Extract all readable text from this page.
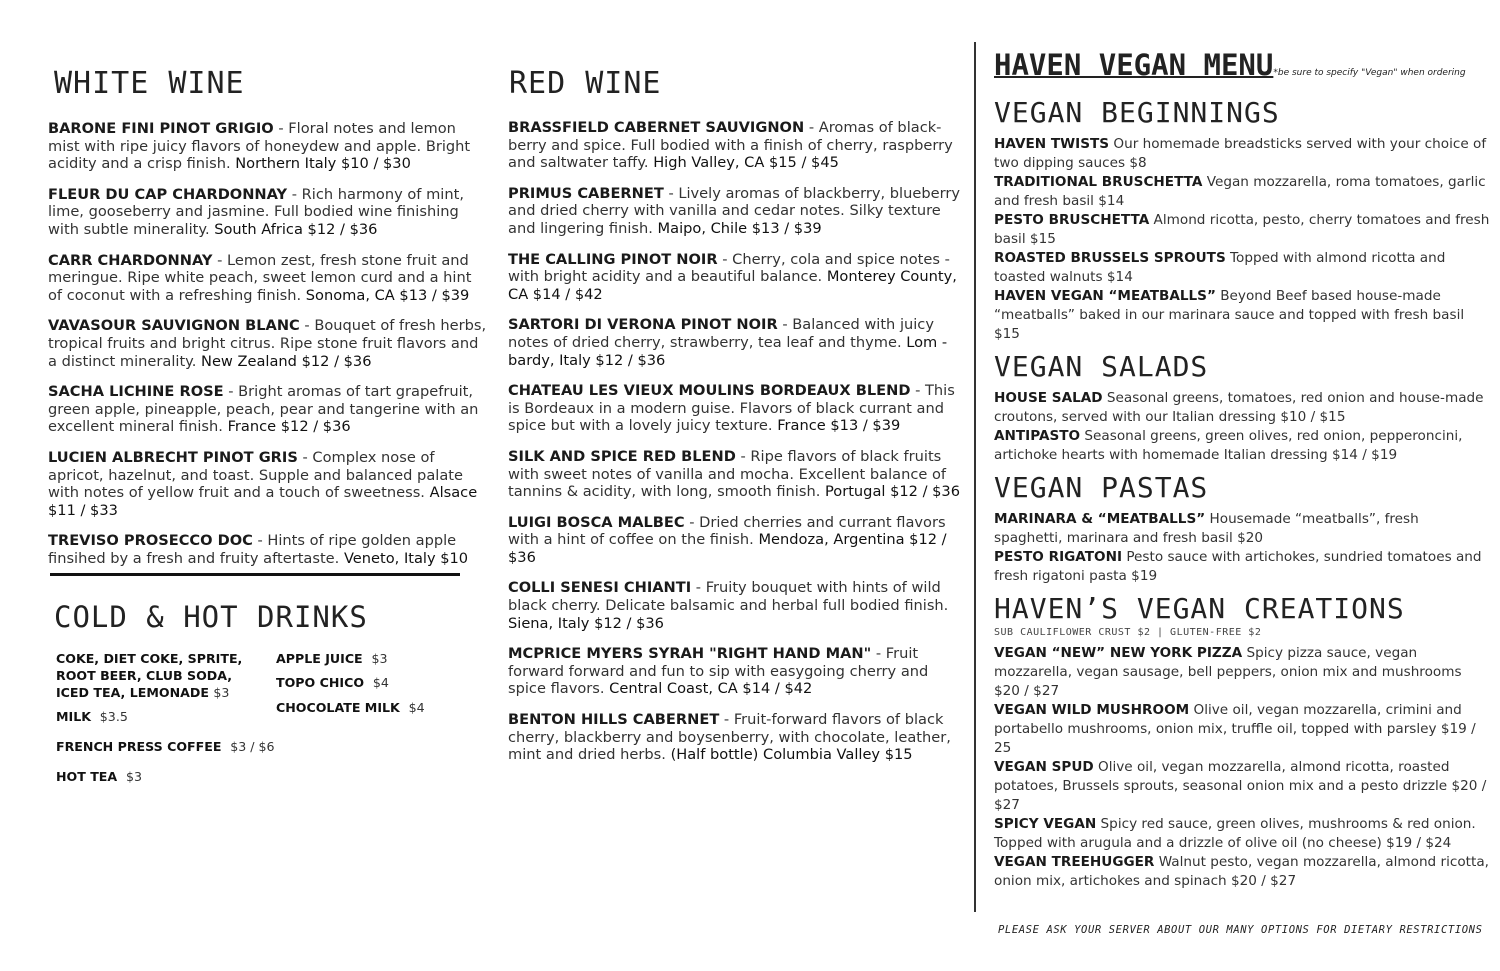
WHITE WINE

BARONE FINI PINOT GRIGIO - Floral notes and lemon mist with ripe juicy flavors of honeydew and apple. Bright acidity and a crisp finish. Northern Italy $10 / $30

FLEUR DU CAP CHARDONNAY - Rich harmony of mint, lime, gooseberry and jasmine. Full bodied wine finishing with subtle minerality. South Africa $12 / $36

CARR CHARDONNAY - Lemon zest, fresh stone fruit and meringue. Ripe white peach, sweet lemon curd and a hint of coconut with a refreshing finish. Sonoma, CA $13 / $39

VAVASOUR SAUVIGNON BLANC - Bouquet of fresh herbs, tropical fruits and bright citrus. Ripe stone fruit flavors and a distinct minerality. New Zealand $12 / $36

SACHA LICHINE ROSE - Bright aromas of tart grapefruit, green apple, pineapple, peach, pear and tangerine with an excellent mineral finish. France $12 / $36

LUCIEN ALBRECHT PINOT GRIS - Complex nose of apricot, hazelnut, and toast. Supple and balanced palate with notes of yellow fruit and a touch of sweetness. Alsace $11 / $33

TREVISO PROSECCO DOC - Hints of ripe golden apple finsihed by a fresh and fruity aftertaste. Veneto, Italy $10

COLD & HOT DRINKS
COKE, DIET COKE, SPRITE, ROOT BEER, CLUB SODA, ICED TEA, LEMONADE $3
MILK $3.5
FRENCH PRESS COFFEE $3 / $6
HOT TEA $3
APPLE JUICE $3
TOPO CHICO $4
CHOCOLATE MILK $4
RED WINE

BRASSFIELD CABERNET SAUVIGNON - Aromas of black-berry and spice. Full bodied with a finish of cherry, raspberry and saltwater taffy. High Valley, CA $15 / $45

PRIMUS CABERNET - Lively aromas of blackberry, blueberry and dried cherry with vanilla and cedar notes. Silky texture and lingering finish. Maipo, Chile $13 / $39

THE CALLING PINOT NOIR - Cherry, cola and spice notes - with bright acidity and a beautiful balance. Monterey County, CA $14 / $42

SARTORI DI VERONA PINOT NOIR - Balanced with juicy notes of dried cherry, strawberry, tea leaf and thyme. Lom -bardy, Italy $12 / $36

CHATEAU LES VIEUX MOULINS BORDEAUX BLEND - This is Bordeaux in a modern guise. Flavors of black currant and spice but with a lovely juicy texture. France $13 / $39

SILK AND SPICE RED BLEND - Ripe flavors of black fruits with sweet notes of vanilla and mocha. Excellent balance of tannins & acidity, with long, smooth finish. Portugal $12 / $36

LUIGI BOSCA MALBEC - Dried cherries and currant flavors with a hint of coffee on the finish. Mendoza, Argentina $12 / $36

COLLI SENESI CHIANTI - Fruity bouquet with hints of wild black cherry. Delicate balsamic and herbal full bodied finish. Siena, Italy $12 / $36

MCPRICE MYERS SYRAH "RIGHT HAND MAN" - Fruit forward forward and fun to sip with easygoing cherry and spice flavors. Central Coast, CA $14 / $42

BENTON HILLS CABERNET - Fruit-forward flavors of black cherry, blackberry and boysenberry, with chocolate, leather, mint and dried herbs. (Half bottle) Columbia Valley $15

HAVEN VEGAN MENU*be sure to specify "Vegan" when ordering
VEGAN BEGINNINGS

HAVEN TWISTS Our homemade breadsticks served with your choice of two dipping sauces $8

TRADITIONAL BRUSCHETTA Vegan mozzarella, roma tomatoes, garlic and fresh basil $14

PESTO BRUSCHETTA Almond ricotta, pesto, cherry tomatoes and fresh basil $15

ROASTED BRUSSELS SPROUTS Topped with almond ricotta and toasted walnuts $14

HAVEN VEGAN “MEATBALLS” Beyond Beef based house-made “meatballs” baked in our marinara sauce and topped with fresh basil $15

VEGAN SALADS

HOUSE SALAD Seasonal greens, tomatoes, red onion and house-made croutons, served with our Italian dressing $10 / $15

ANTIPASTO Seasonal greens, green olives, red onion, pepperoncini, artichoke hearts with homemade Italian dressing $14 / $19

VEGAN PASTAS

MARINARA & “MEATBALLS” Housemade “meatballs”, fresh spaghetti, marinara and fresh basil $20

PESTO RIGATONI Pesto sauce with artichokes, sundried tomatoes and fresh rigatoni pasta $19

HAVEN’S VEGAN CREATIONS
SUB CAULIFLOWER CRUST $2 | GLUTEN-FREE $2

VEGAN “NEW” NEW YORK PIZZA Spicy pizza sauce, vegan mozzarella, vegan sausage, bell peppers, onion mix and mushrooms $20 / $27

VEGAN WILD MUSHROOM Olive oil, vegan mozzarella, crimini and portabello mushrooms, onion mix, truffle oil, topped with parsley $19 / 25

VEGAN SPUD Olive oil, vegan mozzarella, almond ricotta, roasted potatoes, Brussels sprouts, seasonal onion mix and a pesto drizzle $20 / $27

SPICY VEGAN Spicy red sauce, green olives, mushrooms & red onion. Topped with arugula and a drizzle of olive oil (no cheese) $19 / $24

VEGAN TREEHUGGER Walnut pesto, vegan mozzarella, almond ricotta, onion mix, artichokes and spinach $20 / $27

PLEASE ASK YOUR SERVER ABOUT OUR MANY OPTIONS FOR DIETARY RESTRICTIONS
